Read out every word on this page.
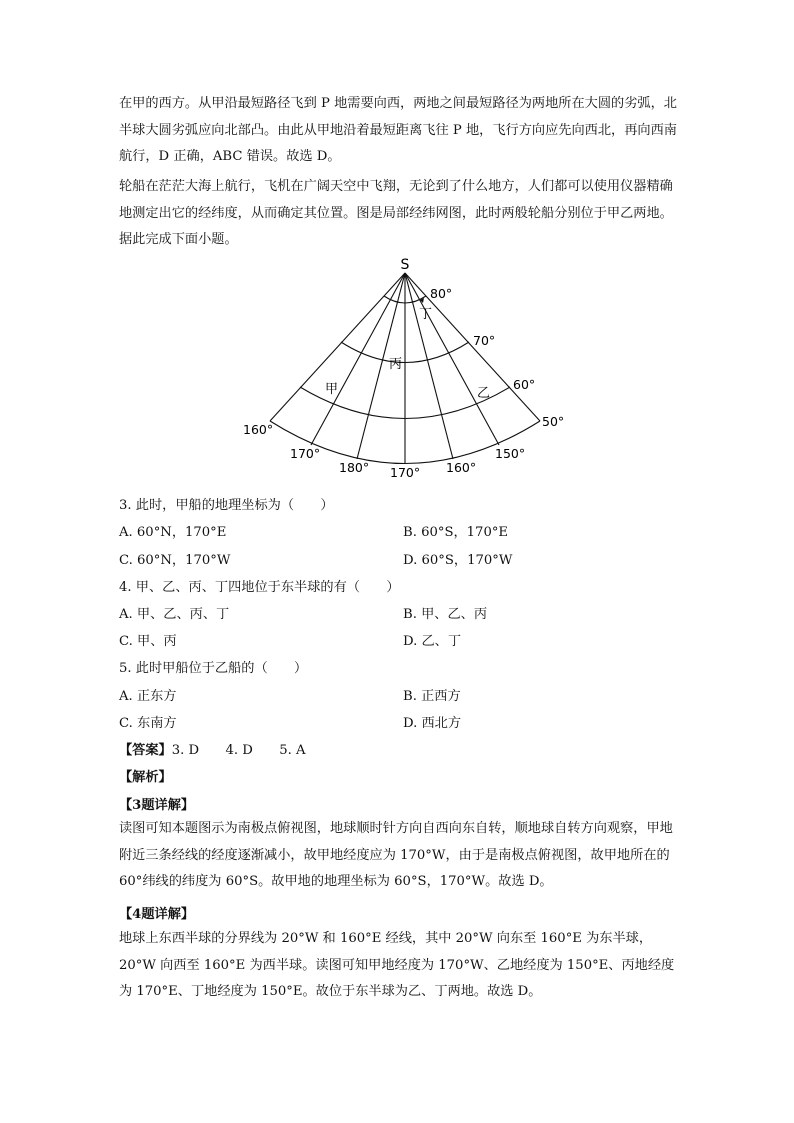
在甲的西方。从甲沿最短路径飞到 P 地需要向西，两地之间最短路径为两地所在大圆的劣弧，北半球大圆劣弧应向北部凸。由此从甲地沿着最短距离飞往 P 地，飞行方向应先向西北，再向西南航行，D 正确，ABC 错误。故选 D。
轮船在茫茫大海上航行，飞机在广阔天空中飞翔，无论到了什么地方，人们都可以使用仪器精确地测定出它的经纬度，从而确定其位置。图是局部经纬网图，此时两般轮船分别位于甲乙两地。据此完成下面小题。
S
80°
70°
60°
50°
160°
170°
180° 170° 160°
150°
甲	乙
丙
丁
3. 此时，甲船的地理坐标为（　　）
A. 60°N，170°E	B. 60°S，170°E
C. 60°N，170°W	D. 60°S，170°W
4. 甲、乙、丙、丁四地位于东半球的有（　　）
A. 甲、乙、丙、丁	B. 甲、乙、丙
C. 甲、丙	D. 乙、丁
5. 此时甲船位于乙船的（　　）
A. 正东方	B. 正西方
C. 东南方	D. 西北方
【答案】3. D　　4. D　　5. A
【解析】
【3题详解】
读图可知本题图示为南极点俯视图，地球顺时针方向自西向东自转，顺地球自转方向观察，甲地附近三条经线的经度逐渐减小，故甲地经度应为 170°W，由于是南极点俯视图，故甲地所在的 60°纬线的纬度为 60°S。故甲地的地理坐标为 60°S，170°W。故选 D。
【4题详解】
地球上东西半球的分界线为 20°W 和 160°E 经线，其中 20°W 向东至 160°E 为东半球，20°W 向西至 160°E 为西半球。读图可知甲地经度为 170°W、乙地经度为 150°E、丙地经度为 170°E、丁地经度为 150°E。故位于东半球为乙、丁两地。故选 D。
